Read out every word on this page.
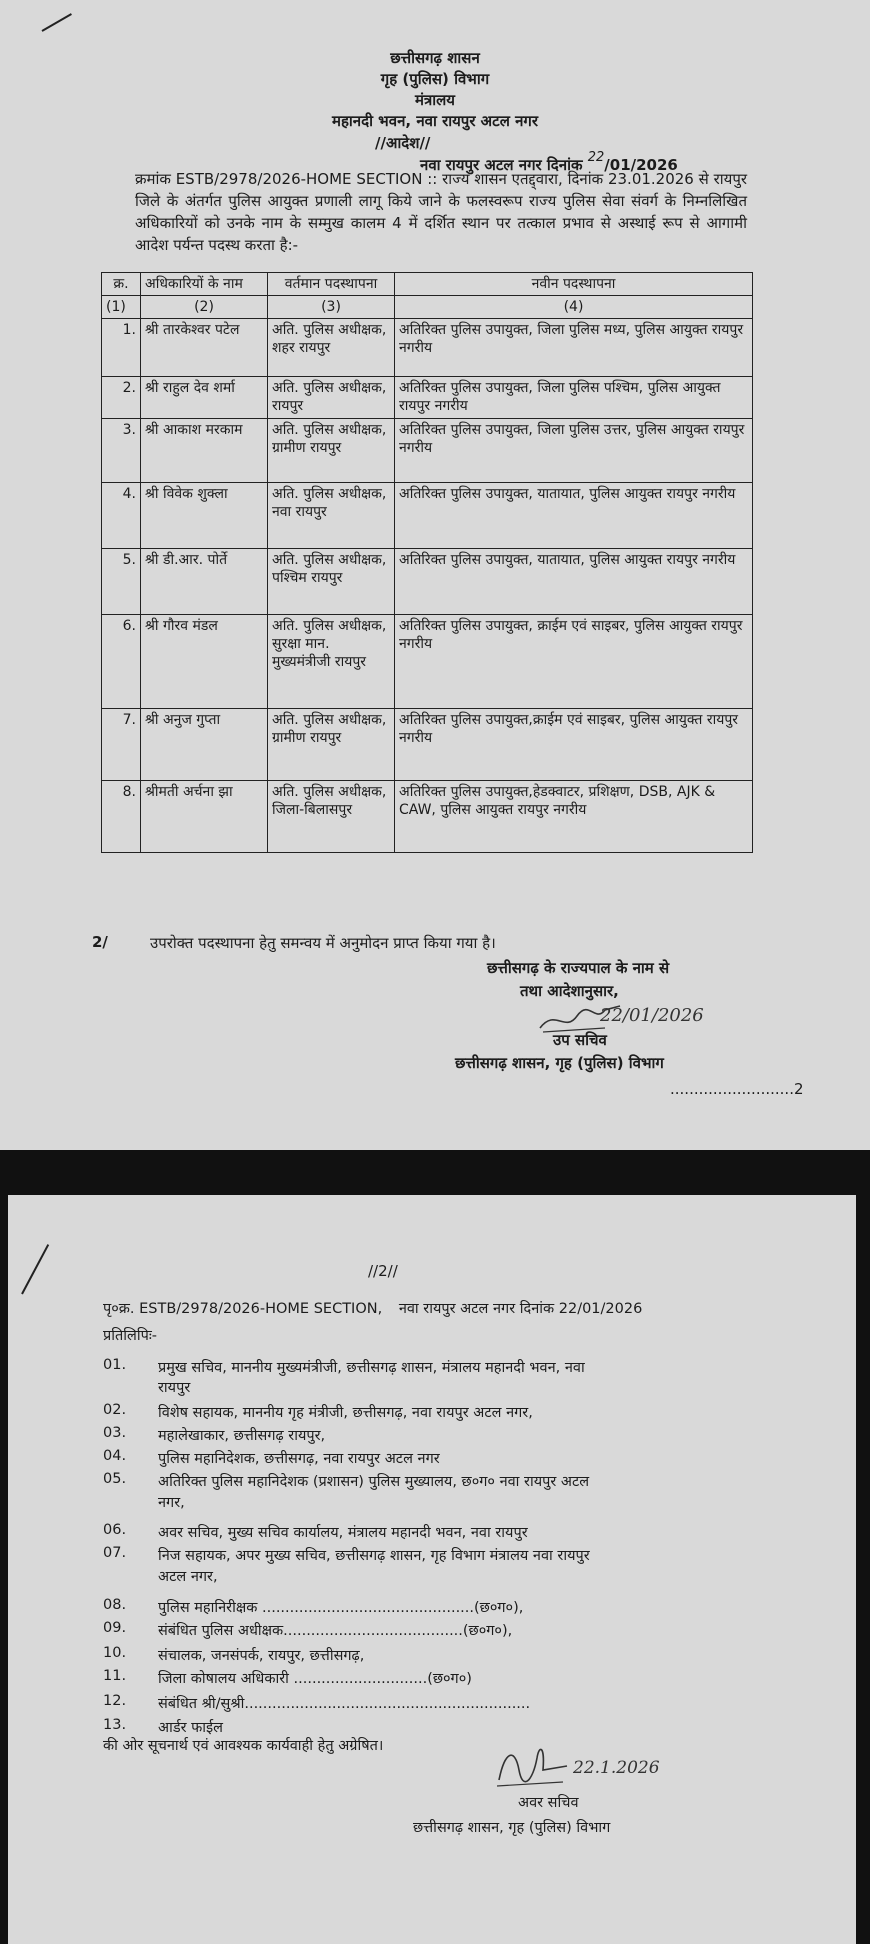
छत्तीसगढ़ शासन
गृह (पुलिस) विभाग
मंत्रालय
महानदी भवन, नवा रायपुर अटल नगर
//आदेश//
नवा रायपुर अटल नगर दिनांक 22/01/2026
क्रमांक ESTB/2978/2026-HOME SECTION :: राज्य शासन एतद्द्वारा, दिनांक 23.01.2026 से रायपुर जिले के अंतर्गत पुलिस आयुक्त प्रणाली लागू किये जाने के फलस्वरूप राज्य पुलिस सेवा संवर्ग के निम्नलिखित अधिकारियों को उनके नाम के सम्मुख कालम 4 में दर्शित स्थान पर तत्काल प्रभाव से अस्थाई रूप से आगामी आदेश पर्यन्त पदस्थ करता है:-
क्र.	अधिकारियों के नाम	वर्तमान पदस्थापना	नवीन पदस्थापना
(1)	(2)	(3)	(4)
1.	श्री तारकेश्वर पटेल	अति. पुलिस अधीक्षक, शहर रायपुर	अतिरिक्त पुलिस उपायुक्त, जिला पुलिस मध्य, पुलिस आयुक्त रायपुर नगरीय
2.	श्री राहुल देव शर्मा	अति. पुलिस अधीक्षक, रायपुर	अतिरिक्त पुलिस उपायुक्त, जिला पुलिस पश्चिम, पुलिस आयुक्त रायपुर नगरीय
3.	श्री आकाश मरकाम	अति. पुलिस अधीक्षक, ग्रामीण रायपुर	अतिरिक्त पुलिस उपायुक्त, जिला पुलिस उत्तर, पुलिस आयुक्त रायपुर नगरीय
4.	श्री विवेक शुक्ला	अति. पुलिस अधीक्षक, नवा रायपुर	अतिरिक्त पुलिस उपायुक्त, यातायात, पुलिस आयुक्त रायपुर नगरीय
5.	श्री डी.आर. पोर्ते	अति. पुलिस अधीक्षक, पश्चिम रायपुर	अतिरिक्त पुलिस उपायुक्त, यातायात, पुलिस आयुक्त रायपुर नगरीय
6.	श्री गौरव मंडल	अति. पुलिस अधीक्षक, सुरक्षा मान. मुख्यमंत्रीजी रायपुर	अतिरिक्त पुलिस उपायुक्त, क्राईम एवं साइबर, पुलिस आयुक्त रायपुर नगरीय
7.	श्री अनुज गुप्ता	अति. पुलिस अधीक्षक, ग्रामीण रायपुर	अतिरिक्त पुलिस उपायुक्त,क्राईम एवं साइबर, पुलिस आयुक्त रायपुर नगरीय
8.	श्रीमती अर्चना झा	अति. पुलिस अधीक्षक, जिला-बिलासपुर	अतिरिक्त पुलिस उपायुक्त,हेडक्वाटर, प्रशिक्षण, DSB, AJK & CAW, पुलिस आयुक्त रायपुर नगरीय
2/	उपरोक्त पदस्थापना हेतु समन्वय में अनुमोदन प्राप्त किया गया है।
छत्तीसगढ़ के राज्यपाल के नाम से
तथा आदेशानुसार,
22/01/2026
उप सचिव
छत्तीसगढ़ शासन, गृह (पुलिस) विभाग
..........................2
//2//
पृ०क्र. ESTB/2978/2026-HOME SECTION, नवा रायपुर अटल नगर दिनांक 22/01/2026
प्रतिलिपिः-
01.	प्रमुख सचिव, माननीय मुख्यमंत्रीजी, छत्तीसगढ़ शासन, मंत्रालय महानदी भवन, नवा
रायपुर
02.	विशेष सहायक, माननीय गृह मंत्रीजी, छत्तीसगढ़, नवा रायपुर अटल नगर,
03.	महालेखाकार, छत्तीसगढ़ रायपुर,
04.	पुलिस महानिदेशक, छत्तीसगढ़, नवा रायपुर अटल नगर
05.	अतिरिक्त पुलिस महानिदेशक (प्रशासन) पुलिस मुख्यालय, छ०ग० नवा रायपुर अटल
नगर,
06.	अवर सचिव, मुख्य सचिव कार्यालय, मंत्रालय महानदी भवन, नवा रायपुर
07.	निज सहायक, अपर मुख्य सचिव, छत्तीसगढ़ शासन, गृह विभाग मंत्रालय नवा रायपुर
अटल नगर,
08.	पुलिस महानिरीक्षक ..............................................(छ०ग०),
09.	संबंधित पुलिस अधीक्षक.......................................(छ०ग०),
10.	संचालक, जनसंपर्क, रायपुर, छत्तीसगढ़,
11.	जिला कोषालय अधिकारी .............................(छ०ग०)
12.	संबंधित श्री/सुश्री..............................................................
13.	आर्डर फाईल
की ओर सूचनार्थ एवं आवश्यक कार्यवाही हेतु अग्रेषित।
22.1.2026
अवर सचिव
छत्तीसगढ़ शासन, गृह (पुलिस) विभाग
